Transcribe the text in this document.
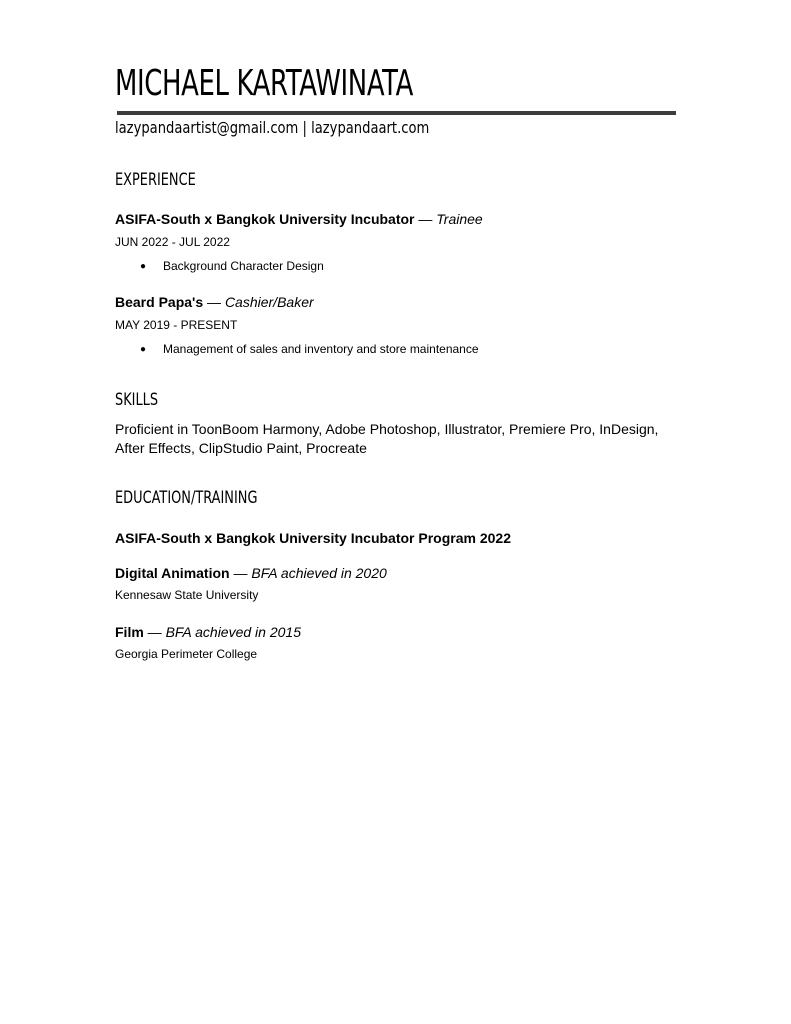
MICHAEL KARTAWINATA
lazypandaartist@gmail.com | lazypandaart.com
EXPERIENCE
ASIFA-South x Bangkok University Incubator — Trainee
JUN 2022 - JUL 2022
● Background Character Design
Beard Papa's — Cashier/Baker
MAY 2019 - PRESENT
● Management of sales and inventory and store maintenance
SKILLS
Proficient in ToonBoom Harmony, Adobe Photoshop, Illustrator, Premiere Pro, InDesign, After Effects, ClipStudio Paint, Procreate
EDUCATION/TRAINING
ASIFA-South x Bangkok University Incubator Program 2022
Digital Animation — BFA achieved in 2020
Kennesaw State University
Film — BFA achieved in 2015
Georgia Perimeter College
